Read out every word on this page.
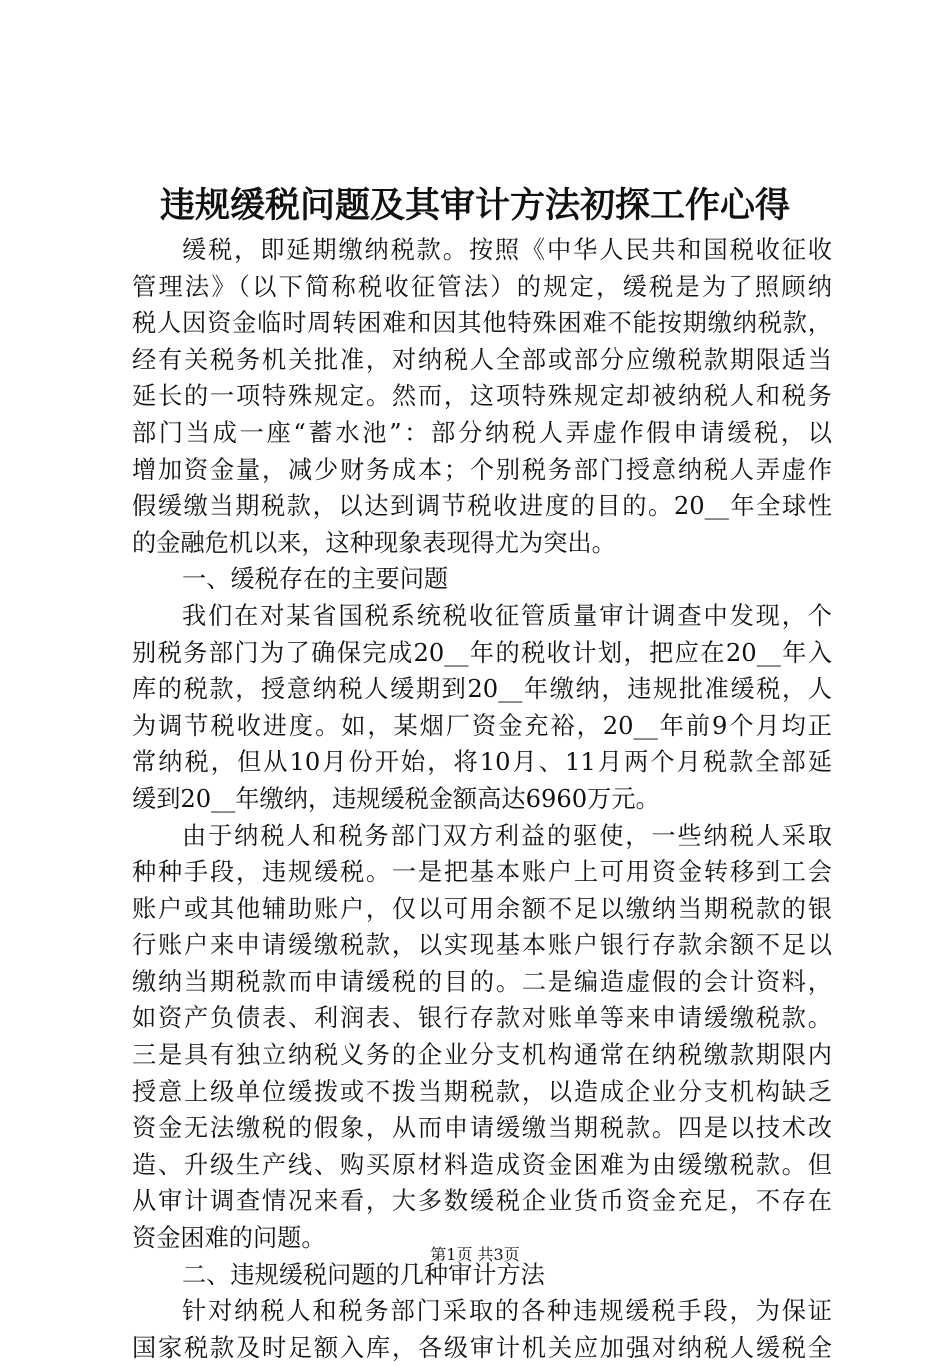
违规缓税问题及其审计方法初探工作心得
缓税，即延期缴纳税款。按照《中华人民共和国税收征收
管理法》（以下简称税收征管法）的规定，缓税是为了照顾纳
税人因资金临时周转困难和因其他特殊困难不能按期缴纳税款，
经有关税务机关批准，对纳税人全部或部分应缴税款期限适当
延长的一项特殊规定。然而，这项特殊规定却被纳税人和税务
部门当成一座“蓄水池”：部分纳税人弄虚作假申请缓税，以
增加资金量，减少财务成本；个别税务部门授意纳税人弄虚作
假缓缴当期税款，以达到调节税收进度的目的。20__年全球性
的金融危机以来，这种现象表现得尤为突出。
一、缓税存在的主要问题
我们在对某省国税系统税收征管质量审计调查中发现，个
别税务部门为了确保完成20__年的税收计划，把应在20__年入
库的税款，授意纳税人缓期到20__年缴纳，违规批准缓税，人
为调节税收进度。如，某烟厂资金充裕，20__年前9个月均正
常纳税，但从10月份开始，将10月、11月两个月税款全部延
缓到20__年缴纳，违规缓税金额高达6960万元。
由于纳税人和税务部门双方利益的驱使，一些纳税人采取
种种手段，违规缓税。一是把基本账户上可用资金转移到工会
账户或其他辅助账户，仅以可用余额不足以缴纳当期税款的银
行账户来申请缓缴税款，以实现基本账户银行存款余额不足以
缴纳当期税款而申请缓税的目的。二是编造虚假的会计资料，
如资产负债表、利润表、银行存款对账单等来申请缓缴税款。
三是具有独立纳税义务的企业分支机构通常在纳税缴款期限内
授意上级单位缓拨或不拨当期税款，以造成企业分支机构缺乏
资金无法缴税的假象，从而申请缓缴当期税款。四是以技术改
造、升级生产线、购买原材料造成资金困难为由缓缴税款。但
从审计调查情况来看，大多数缓税企业货币资金充足，不存在
资金困难的问题。
二、违规缓税问题的几种审计方法
针对纳税人和税务部门采取的各种违规缓税手段，为保证
国家税款及时足额入库，各级审计机关应加强对纳税人缓税全
第1页 共3页
